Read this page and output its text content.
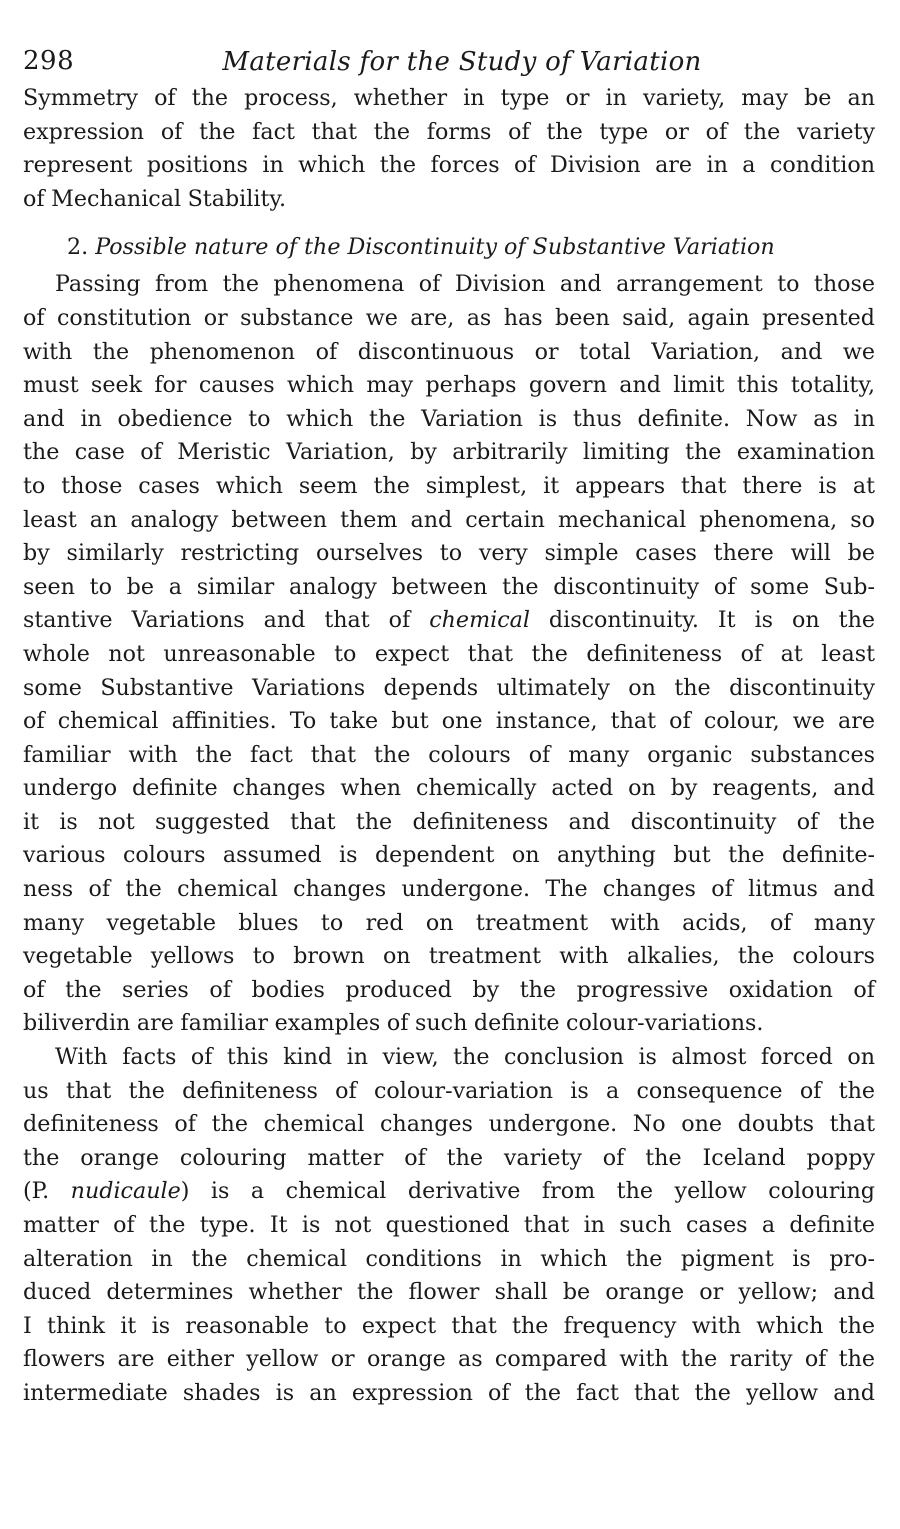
298	Materials for the Study of Variation
Symmetry of the process, whether in type or in variety, may be an
expression of the fact that the forms of the type or of the variety
represent positions in which the forces of Division are in a condition
of Mechanical Stability.
2. Possible nature of the Discontinuity of Substantive Variation
Passing from the phenomena of Division and arrangement to those
of constitution or substance we are, as has been said, again presented
with the phenomenon of discontinuous or total Variation, and we
must seek for causes which may perhaps govern and limit this totality,
and in obedience to which the Variation is thus definite. Now as in
the case of Meristic Variation, by arbitrarily limiting the examination
to those cases which seem the simplest, it appears that there is at
least an analogy between them and certain mechanical phenomena, so
by similarly restricting ourselves to very simple cases there will be
seen to be a similar analogy between the discontinuity of some Sub-
stantive Variations and that of chemical discontinuity. It is on the
whole not unreasonable to expect that the definiteness of at least
some Substantive Variations depends ultimately on the discontinuity
of chemical affinities. To take but one instance, that of colour, we are
familiar with the fact that the colours of many organic substances
undergo definite changes when chemically acted on by reagents, and
it is not suggested that the definiteness and discontinuity of the
various colours assumed is dependent on anything but the definite-
ness of the chemical changes undergone. The changes of litmus and
many vegetable blues to red on treatment with acids, of many
vegetable yellows to brown on treatment with alkalies, the colours
of the series of bodies produced by the progressive oxidation of
biliverdin are familiar examples of such definite colour-variations.
With facts of this kind in view, the conclusion is almost forced on
us that the definiteness of colour-variation is a consequence of the
definiteness of the chemical changes undergone. No one doubts that
the orange colouring matter of the variety of the Iceland poppy
(P. nudicaule) is a chemical derivative from the yellow colouring
matter of the type. It is not questioned that in such cases a definite
alteration in the chemical conditions in which the pigment is pro-
duced determines whether the flower shall be orange or yellow; and
I think it is reasonable to expect that the frequency with which the
flowers are either yellow or orange as compared with the rarity of the
intermediate shades is an expression of the fact that the yellow and
